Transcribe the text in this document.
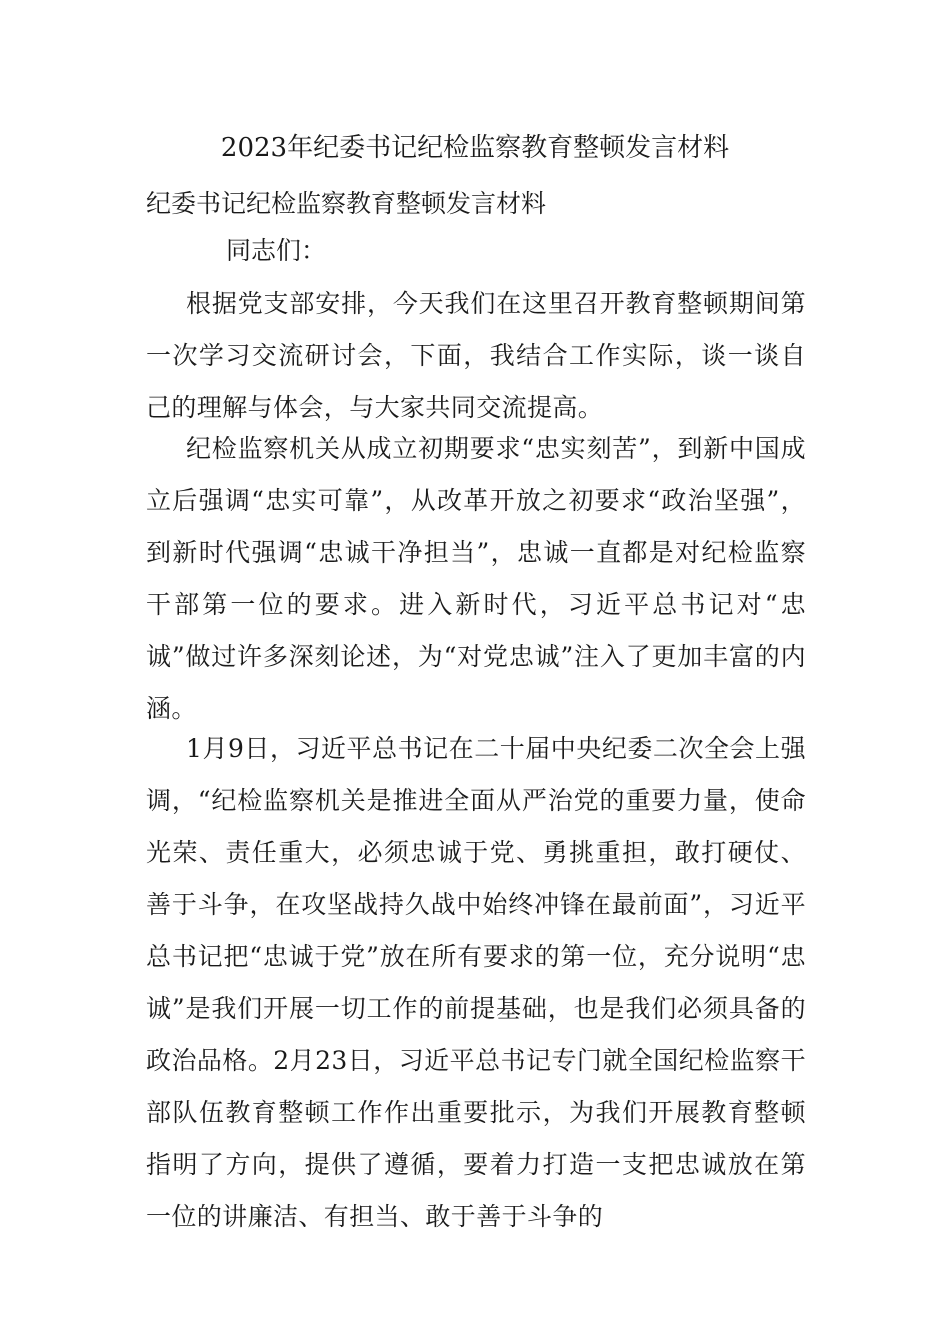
2023年纪委书记纪检监察教育整顿发言材料
纪委书记纪检监察教育整顿发言材料
同志们：

根据党支部安排，今天我们在这里召开教育整顿期间第一次学习交流研讨会，下面，我结合工作实际，谈一谈自己的理解与体会，与大家共同交流提高。

纪检监察机关从成立初期要求“忠实刻苦”，到新中国成立后强调“忠实可靠”，从改革开放之初要求“政治坚强”，到新时代强调“忠诚干净担当”，忠诚一直都是对纪检监察干部第一位的要求。进入新时代，习近平总书记对“忠诚”做过许多深刻论述，为“对党忠诚”注入了更加丰富的内涵。

1月9日，习近平总书记在二十届中央纪委二次全会上强调，“纪检监察机关是推进全面从严治党的重要力量，使命光荣、责任重大，必须忠诚于党、勇挑重担，敢打硬仗、善于斗争，在攻坚战持久战中始终冲锋在最前面”，习近平总书记把“忠诚于党”放在所有要求的第一位，充分说明“忠诚”是我们开展一切工作的前提基础，也是我们必须具备的政治品格。2月23日，习近平总书记专门就全国纪检监察干部队伍教育整顿工作作出重要批示，为我们开展教育整顿指明了方向，提供了遵循，要着力打造一支把忠诚放在第一位的讲廉洁、有担当、敢于善于斗争的
